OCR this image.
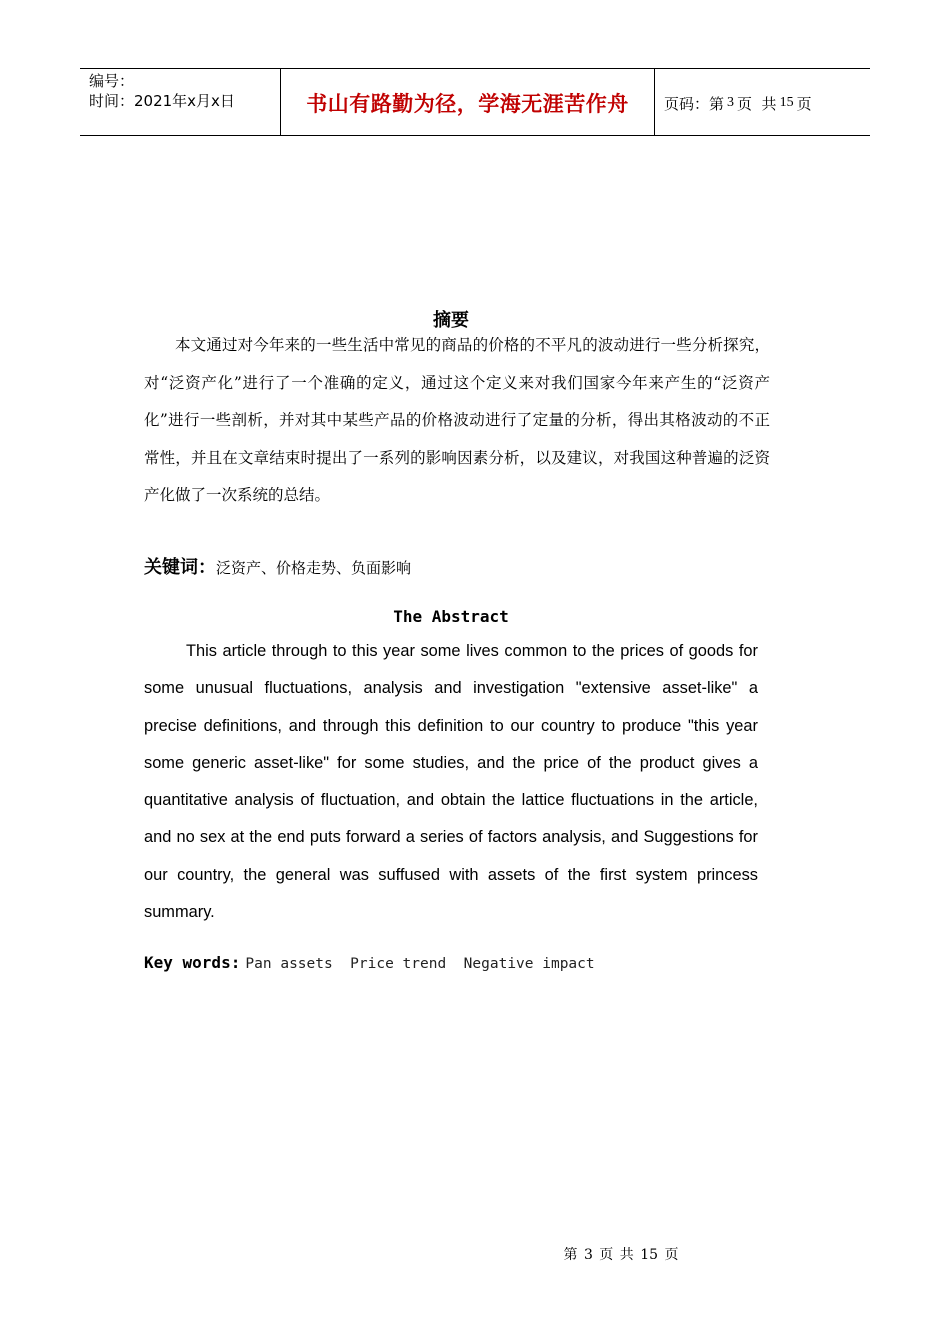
编号：
时间：2021年x月x日	书山有路勤为径，学海无涯苦作舟 页码：第 3 页  共 15 页
摘要
本文通过对今年来的一些生活中常见的商品的价格的不平凡的波动进行一些分析探究，对“泛资产化”进行了一个准确的定义，通过这个定义来对我们国家今年来产生的“泛资产化”进行一些剖析，并对其中某些产品的价格波动进行了定量的分析，得出其格波动的不正常性，并且在文章结束时提出了一系列的影响因素分析，以及建议，对我国这种普遍的泛资产化做了一次系统的总结。
关键词：泛资产、价格走势、负面影响
The Abstract
This article through to this year some lives common to the prices of goods for some unusual fluctuations, analysis and investigation "extensive asset-like" a precise definitions, and through this definition to our country to produce "this year some generic asset-like" for some studies, and the price of the product gives a quantitative analysis of fluctuation, and obtain the lattice fluctuations in the article, and no sex at the end puts forward a series of factors analysis, and Suggestions for our country, the general was suffused with assets of the first system princess summary.
Key words: Pan assets  Price trend  Negative impact
第 3 页 共 15 页
